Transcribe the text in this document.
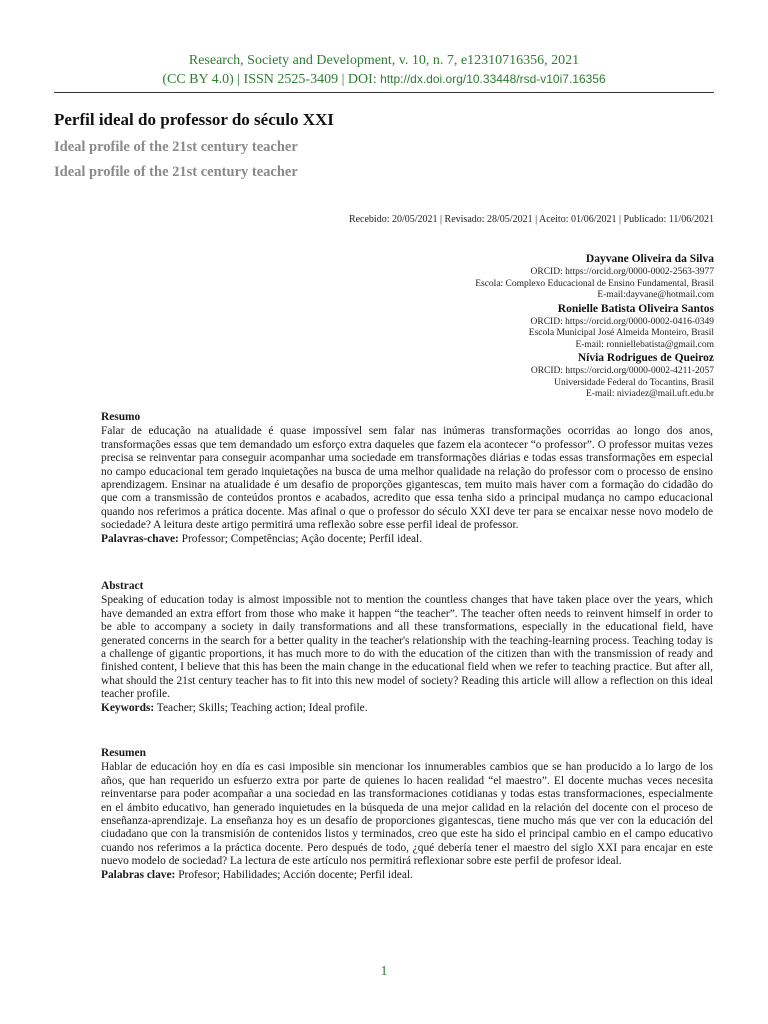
Research, Society and Development, v. 10, n. 7, e12310716356, 2021
(CC BY 4.0) | ISSN 2525-3409 | DOI: http://dx.doi.org/10.33448/rsd-v10i7.16356
Perfil ideal do professor do século XXI
Ideal profile of the 21st century teacher
Ideal profile of the 21st century teacher
Recebido: 20/05/2021 | Revisado: 28/05/2021 | Aceito: 01/06/2021 | Publicado: 11/06/2021
Dayvane Oliveira da Silva
ORCID: https://orcid.org/0000-0002-2563-3977
Escola: Complexo Educacional de Ensino Fundamental, Brasil
E-mail:dayvane@hotmail.com
Ronielle Batista Oliveira Santos
ORCID: https://orcid.org/0000-0002-0416-0349
Escola Municipal José Almeida Monteiro, Brasil
E-mail: ronniellebatista@gmail.com
Nívia Rodrigues de Queiroz
ORCID: https://orcid.org/0000-0002-4211-2057
Universidade Federal do Tocantins, Brasil
E-mail: niviadez@mail.uft.edu.br
Resumo

Falar de educação na atualidade é quase impossível sem falar nas inúmeras transformações ocorridas ao longo dos anos, transformações essas que tem demandado um esforço extra daqueles que fazem ela acontecer “o professor”. O professor muitas vezes precisa se reinventar para conseguir acompanhar uma sociedade em transformações diárias e todas essas transformações em especial no campo educacional tem gerado inquietações na busca de uma melhor qualidade na relação do professor com o processo de ensino aprendizagem. Ensinar na atualidade é um desafio de proporções gigantescas, tem muito mais haver com a formação do cidadão do que com a transmissão de conteúdos prontos e acabados, acredito que essa tenha sido a principal mudança no campo educacional quando nos referimos a prática docente. Mas afinal o que o professor do século XXI deve ter para se encaixar nesse novo modelo de sociedade? A leitura deste artigo permitirá uma reflexão sobre esse perfil ideal de professor.

Palavras-chave: Professor; Competências; Ação docente; Perfil ideal.

Abstract

Speaking of education today is almost impossible not to mention the countless changes that have taken place over the years, which have demanded an extra effort from those who make it happen “the teacher”. The teacher often needs to reinvent himself in order to be able to accompany a society in daily transformations and all these transformations, especially in the educational field, have generated concerns in the search for a better quality in the teacher's relationship with the teaching-learning process. Teaching today is a challenge of gigantic proportions, it has much more to do with the education of the citizen than with the transmission of ready and finished content, I believe that this has been the main change in the educational field when we refer to teaching practice. But after all, what should the 21st century teacher has to fit into this new model of society? Reading this article will allow a reflection on this ideal teacher profile.

Keywords: Teacher; Skills; Teaching action; Ideal profile.

Resumen

Hablar de educación hoy en día es casi imposible sin mencionar los innumerables cambios que se han producido a lo largo de los años, que han requerido un esfuerzo extra por parte de quienes lo hacen realidad “el maestro”. El docente muchas veces necesita reinventarse para poder acompañar a una sociedad en las transformaciones cotidianas y todas estas transformaciones, especialmente en el ámbito educativo, han generado inquietudes en la búsqueda de una mejor calidad en la relación del docente con el proceso de enseñanza-aprendizaje. La enseñanza hoy es un desafío de proporciones gigantescas, tiene mucho más que ver con la educación del ciudadano que con la transmisión de contenidos listos y terminados, creo que este ha sido el principal cambio en el campo educativo cuando nos referimos a la práctica docente. Pero después de todo, ¿qué debería tener el maestro del siglo XXI para encajar en este nuevo modelo de sociedad? La lectura de este artículo nos permitirá reflexionar sobre este perfil de profesor ideal.

Palabras clave: Profesor; Habilidades; Acción docente; Perfil ideal.

1
